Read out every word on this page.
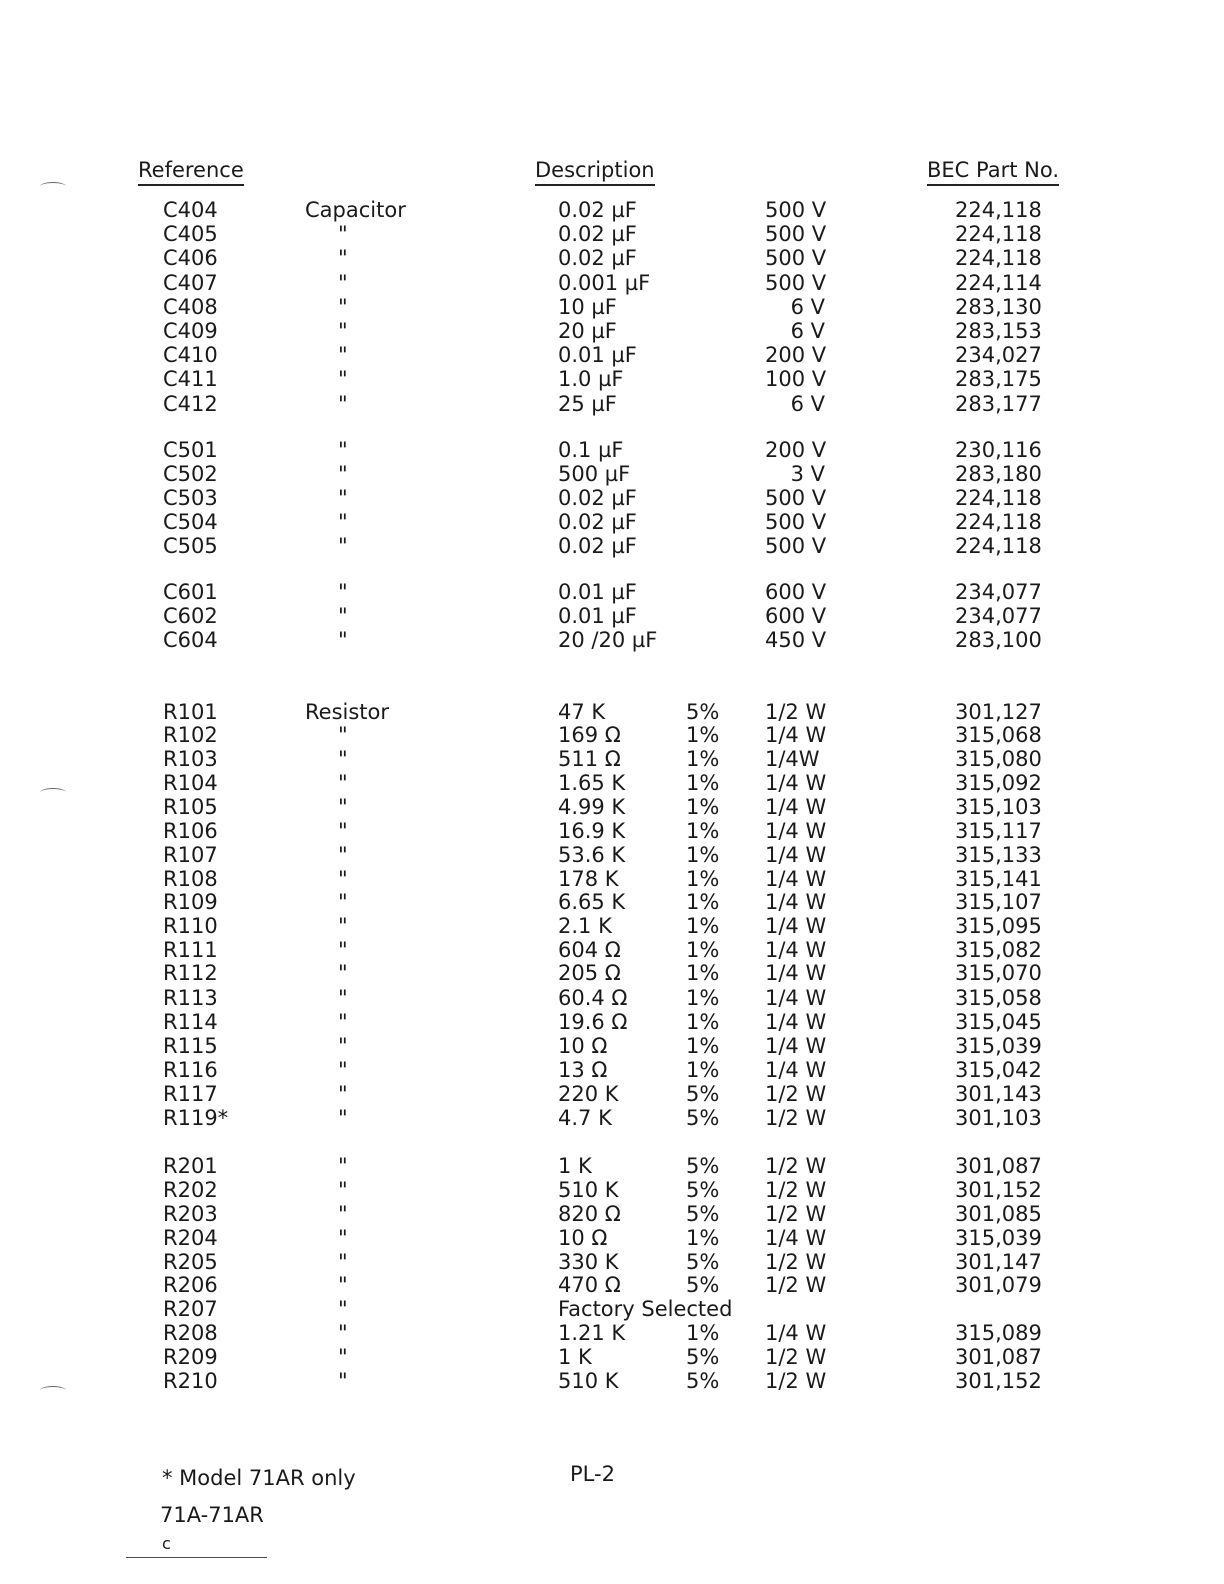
Reference	Description	BEC Part No.
C404	Capacitor	0.02 µF	500 V	224,118
C405	"	0.02 µF	500 V	224,118
C406	"	0.02 µF	500 V	224,118
C407	"	0.001 µF	500 V	224,114
C408	"	10 µF	6 V	283,130
C409	"	20 µF	6 V	283,153
C410	"	0.01 µF	200 V	234,027
C411	"	1.0 µF	100 V	283,175
C412	"	25 µF	6 V	283,177
C501	"	0.1 µF	200 V	230,116
C502	"	500 µF	3 V	283,180
C503	"	0.02 µF	500 V	224,118
C504	"	0.02 µF	500 V	224,118
C505	"	0.02 µF	500 V	224,118
C601	"	0.01 µF	600 V	234,077
C602	"	0.01 µF	600 V	234,077
C604	"	20 /20 µF	450 V	283,100
R101	Resistor	47 K	5% 1/2 W	301,127
R102	"	169 Ω	1% 1/4 W	315,068
R103	"	511 Ω	1% 1/4W	315,080
R104	"	1.65 K	1% 1/4 W	315,092
R105	"	4.99 K	1% 1/4 W	315,103
R106	"	16.9 K	1% 1/4 W	315,117
R107	"	53.6 K	1% 1/4 W	315,133
R108	"	178 K	1% 1/4 W	315,141
R109	"	6.65 K	1% 1/4 W	315,107
R110	"	2.1 K	1% 1/4 W	315,095
R111	"	604 Ω	1% 1/4 W	315,082
R112	"	205 Ω	1% 1/4 W	315,070
R113	"	60.4 Ω	1% 1/4 W	315,058
R114	"	19.6 Ω	1% 1/4 W	315,045
R115	"	10 Ω	1% 1/4 W	315,039
R116	"	13 Ω	1% 1/4 W	315,042
R117	"	220 K	5% 1/2 W	301,143
R119*	"	4.7 K	5% 1/2 W	301,103
R201	"	1 K	5% 1/2 W	301,087
R202	"	510 K	5% 1/2 W	301,152
R203	"	820 Ω	5% 1/2 W	301,085
R204	"	10 Ω	1% 1/4 W	315,039
R205	"	330 K	5% 1/2 W	301,147
R206	"	470 Ω	5% 1/2 W	301,079
R207	"	Factory Selected
R208	"	1.21 K	1% 1/4 W	315,089
R209	"	1 K	5% 1/2 W	301,087
R210	"	510 K	5% 1/2 W	301,152
* Model 71AR only	PL-2
71A-71AR
c
